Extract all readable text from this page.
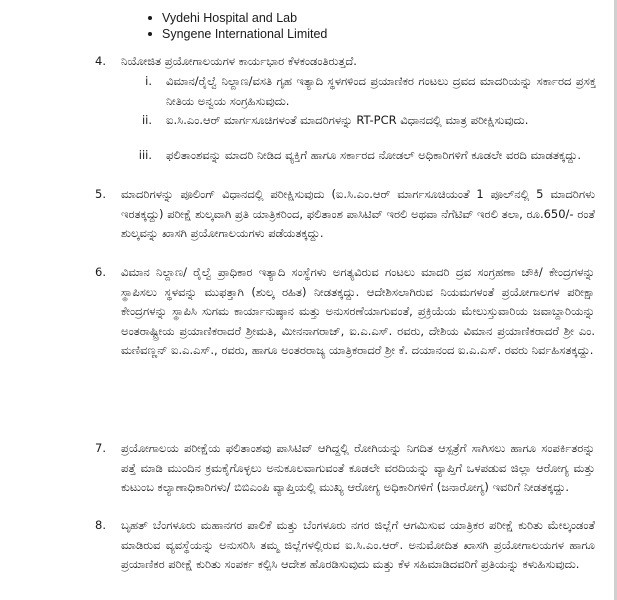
Vydehi Hospital and Lab
Syngene International Limited
4.	ನಿಯೋಜಿತ ಪ್ರಯೋಗಾಲಯಗಳ ಕಾರ್ಯಭಾರ ಕೆಳಕಂಡಂತಿರುತ್ತದೆ.
i. ವಿಮಾನ/ರೈಲ್ವೆ ನಿಲ್ದಾಣ/ವಸತಿ ಗೃಹ ಇತ್ಯಾದಿ ಸ್ಥಳಗಳಿಂದ ಪ್ರಯಾಣಿಕರ ಗಂಟಲು ದ್ರವದ ಮಾದರಿಯನ್ನು ಸರ್ಕಾರದ ಪ್ರಸಕ್ತ ನೀತಿಯ ಅನ್ವಯ ಸಂಗ್ರಹಿಸುವುದು.
ii. ಐ.ಸಿ.ಎಂ.ಆರ್ ಮಾರ್ಗಸೂಚಿಗಳಂತೆ ಮಾದರಿಗಳನ್ನು RT-PCR ವಿಧಾನದಲ್ಲಿ ಮಾತ್ರ ಪರೀಕ್ಷಿಸುವುದು.
iii. ಫಲಿತಾಂಶವನ್ನು ಮಾದರಿ ನೀಡಿದ ವ್ಯಕ್ತಿಗೆ ಹಾಗೂ ಸರ್ಕಾರದ ನೋಡಲ್ ಅಧಿಕಾರಿಗಳಿಗೆ ಕೂಡಲೇ ವರದಿ ಮಾಡತಕ್ಕದ್ದು.
5.	ಮಾದರಿಗಳನ್ನು ಪೂಲಿಂಗ್ ವಿಧಾನದಲ್ಲಿ ಪರೀಕ್ಷಿಸುವುದು (ಐ.ಸಿ.ಎಂ.ಆರ್ ಮಾರ್ಗಸೂಚಿಯಂತೆ 1 ಪೂಲ್‌ನಲ್ಲಿ 5 ಮಾದರಿಗಳು ಇರತಕ್ಕದ್ದು) ಪರೀಕ್ಷೆ ಶುಲ್ಕವಾಗಿ ಪ್ರತಿ ಯಾತ್ರಿಕರಿಂದ, ಫಲಿತಾಂಶ ಪಾಸಿಟಿವ್ ಇರಲಿ ಅಥವಾ ನೆಗೆಟಿವ್ ಇರಲಿ ತಲಾ, ರೂ.650/- ರಂತೆ ಶುಲ್ಕವನ್ನು ಖಾಸಗಿ ಪ್ರಯೋಗಾಲಯಗಳು ಪಡೆಯತಕ್ಕದ್ದು.
6.	ವಿಮಾನ ನಿಲ್ದಾಣ/ ರೈಲ್ವೆ ಪ್ರಾಧಿಕಾರ ಇತ್ಯಾದಿ ಸಂಸ್ಥೆಗಳು ಅಗತ್ಯವಿರುವ ಗಂಟಲು ಮಾದರಿ ದ್ರವ ಸಂಗ್ರಹಣಾ ಚೌಕಿ/ ಕೇಂದ್ರಗಳನ್ನು ಸ್ಥಾಪಿಸಲು ಸ್ಥಳವನ್ನು ಮುಫತ್ತಾಗಿ (ಶುಲ್ಕ ರಹಿತ) ನೀಡತಕ್ಕದ್ದು. ಆದೇಶಿಸಲಾಗಿರುವ ನಿಯಮಗಳಂತೆ ಪ್ರಯೋಗಾಲಗಳ ಪರೀಕ್ಷಾ ಕೇಂದ್ರಗಳನ್ನು ಸ್ಥಾಪಿಸಿ ಸುಗಮ ಕಾರ್ಯಾನುಷ್ಠಾನ ಮತ್ತು ಅನುಸರಣೆಯಾಗುವಂತೆ, ಪ್ರಕ್ರಿಯೆಯ ಮೇಲುಸ್ತುವಾರಿಯ ಜವಾಬ್ದಾರಿಯನ್ನು ಅಂತರಾಷ್ಟ್ರೀಯ ಪ್ರಯಾಣಿಕರಾದರೆ ಶ್ರೀಮತಿ, ಮೀನನಾಗರಾಜ್, ಐ.ಎ.ಎಸ್. ರವರು, ದೇಶಿಯ ವಿಮಾನ ಪ್ರಯಾಣಿಕರಾದರೆ ಶ್ರೀ ಎಂ. ಮಣಿವಣ್ಣನ್ ಐ.ಎ.ಎಸ್., ರವರು, ಹಾಗೂ ಅಂತರರಾಜ್ಯ ಯಾತ್ರಿಕರಾದರೆ ಶ್ರೀ ಕೆ. ದಯಾನಂದ ಐ.ಎ.ಎಸ್. ರವರು ನಿರ್ವಹಿಸತಕ್ಕದ್ದು.
7.	ಪ್ರಯೋಗಾಲಯ ಪರೀಕ್ಷೆಯ ಫಲಿತಾಂಶವು ಪಾಸಿಟಿವ್ ಆಗಿದ್ದಲ್ಲಿ ರೋಗಿಯನ್ನು ನಿಗದಿತ ಆಸ್ಪತ್ರೆಗೆ ಸಾಗಿಸಲು ಹಾಗೂ ಸಂಪರ್ಕಿತರನ್ನು ಪತ್ತೆ ಮಾಡಿ ಮುಂದಿನ ಕ್ರಮಕೈಗೊಳ್ಳಲು ಅನುಕೂಲವಾಗುವಂತೆ ಕೂಡಲೇ ವರದಿಯನ್ನು ವ್ಯಾಪ್ತಿಗೆ ಒಳಪಡುವ ಜಿಲ್ಲಾ ಆರೋಗ್ಯ ಮತ್ತು ಕುಟುಂಬ ಕಲ್ಯಾಣಾಧಿಕಾರಿಗಳು/ ಬಿಬಿಎಂಪಿ ವ್ಯಾಪ್ತಿಯಲ್ಲಿ ಮುಖ್ಯ ಆರೋಗ್ಯ ಅಧಿಕಾರಿಗಳಿಗೆ (ಜನಾರೋಗ್ಯ) ಇವರಿಗೆ ನೀಡತಕ್ಕದ್ದು.
8.	ಬೃಹತ್ ಬೆಂಗಳೂರು ಮಹಾನಗರ ಪಾಲಿಕೆ ಮತ್ತು ಬೆಂಗಳೂರು ನಗರ ಜಿಲ್ಲೆಗೆ ಆಗಮಿಸುವ ಯಾತ್ರಿಕರ ಪರೀಕ್ಷೆ ಕುರಿತು ಮೇಲ್ಕಂಡಂತೆ ಮಾಡಿರುವ ವ್ಯವಸ್ಥೆಯನ್ನು ಅನುಸರಿಸಿ ತಮ್ಮ ಜಿಲ್ಲೆಗಳಲ್ಲಿರುವ ಐ.ಸಿ.ಎಂ.ಆರ್. ಅನುಮೋದಿತ ಖಾಸಗಿ ಪ್ರಯೋಗಾಲಯಗಳ ಹಾಗೂ ಪ್ರಯಾಣಿಕರ ಪರೀಕ್ಷೆ ಕುರಿತು ಸಂಪರ್ಕ ಕಲ್ಪಿಸಿ ಆದೇಶ ಹೊರಡಿಸುವುದು ಮತ್ತು ಕೆಳ ಸಹಿಮಾಡಿದವರಿಗೆ ಪ್ರತಿಯನ್ನು ಕಳುಹಿಸುವುದು.
